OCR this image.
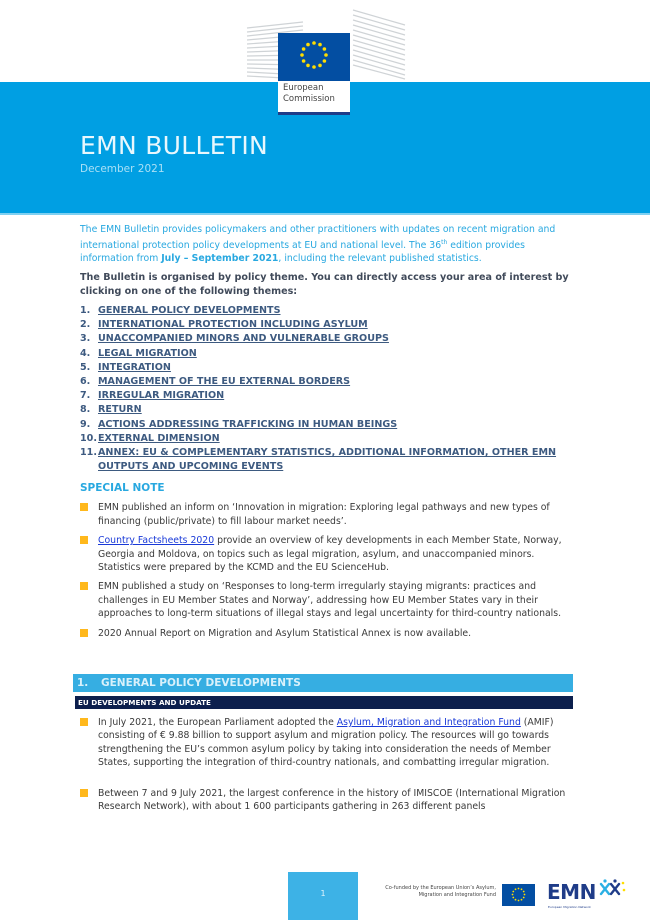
European
Commission
EMN BULLETIN
December 2021

The EMN Bulletin provides policymakers and other practitioners with updates on recent migration and international protection policy developments at EU and national level. The 36th edition provides information from July – September 2021, including the relevant published statistics.

The Bulletin is organised by policy theme. You can directly access your area of interest by clicking on one of the following themes:

1. GENERAL POLICY DEVELOPMENTS
2. INTERNATIONAL PROTECTION INCLUDING ASYLUM
3. UNACCOMPANIED MINORS AND VULNERABLE GROUPS
4. LEGAL MIGRATION
5. INTEGRATION
6. MANAGEMENT OF THE EU EXTERNAL BORDERS
7. IRREGULAR MIGRATION
8. RETURN
9. ACTIONS ADDRESSING TRAFFICKING IN HUMAN BEINGS
10. EXTERNAL DIMENSION
11. ANNEX: EU & COMPLEMENTARY STATISTICS, ADDITIONAL INFORMATION, OTHER EMN OUTPUTS AND UPCOMING EVENTS
SPECIAL NOTE
EMN published an inform on ‘Innovation in migration: Exploring legal pathways and new types of financing (public/private) to fill labour market needs’.
Country Factsheets 2020 provide an overview of key developments in each Member State, Norway, Georgia and Moldova, on topics such as legal migration, asylum, and unaccompanied minors. Statistics were prepared by the KCMD and the EU ScienceHub.
EMN published a study on ‘Responses to long-term irregularly staying migrants: practices and challenges in EU Member States and Norway’, addressing how EU Member States vary in their approaches to long-term situations of illegal stays and legal uncertainty for third-country nationals.
2020 Annual Report on Migration and Asylum Statistical Annex is now available.
1. GENERAL POLICY DEVELOPMENTS
EU DEVELOPMENTS AND UPDATE
In July 2021, the European Parliament adopted the Asylum, Migration and Integration Fund (AMIF) consisting of € 9.88 billion to support asylum and migration policy. The resources will go towards strengthening the EU’s common asylum policy by taking into consideration the needs of Member States, supporting the integration of third-country nationals, and combatting irregular migration.
Between 7 and 9 July 2021, the largest conference in the history of IMISCOE (International Migration Research Network), with about 1 600 participants gathering in 263 different panels
1
Co-funded by the European Union’s Asylum,
Migration and Integration Fund	EMN
European Migration Network
